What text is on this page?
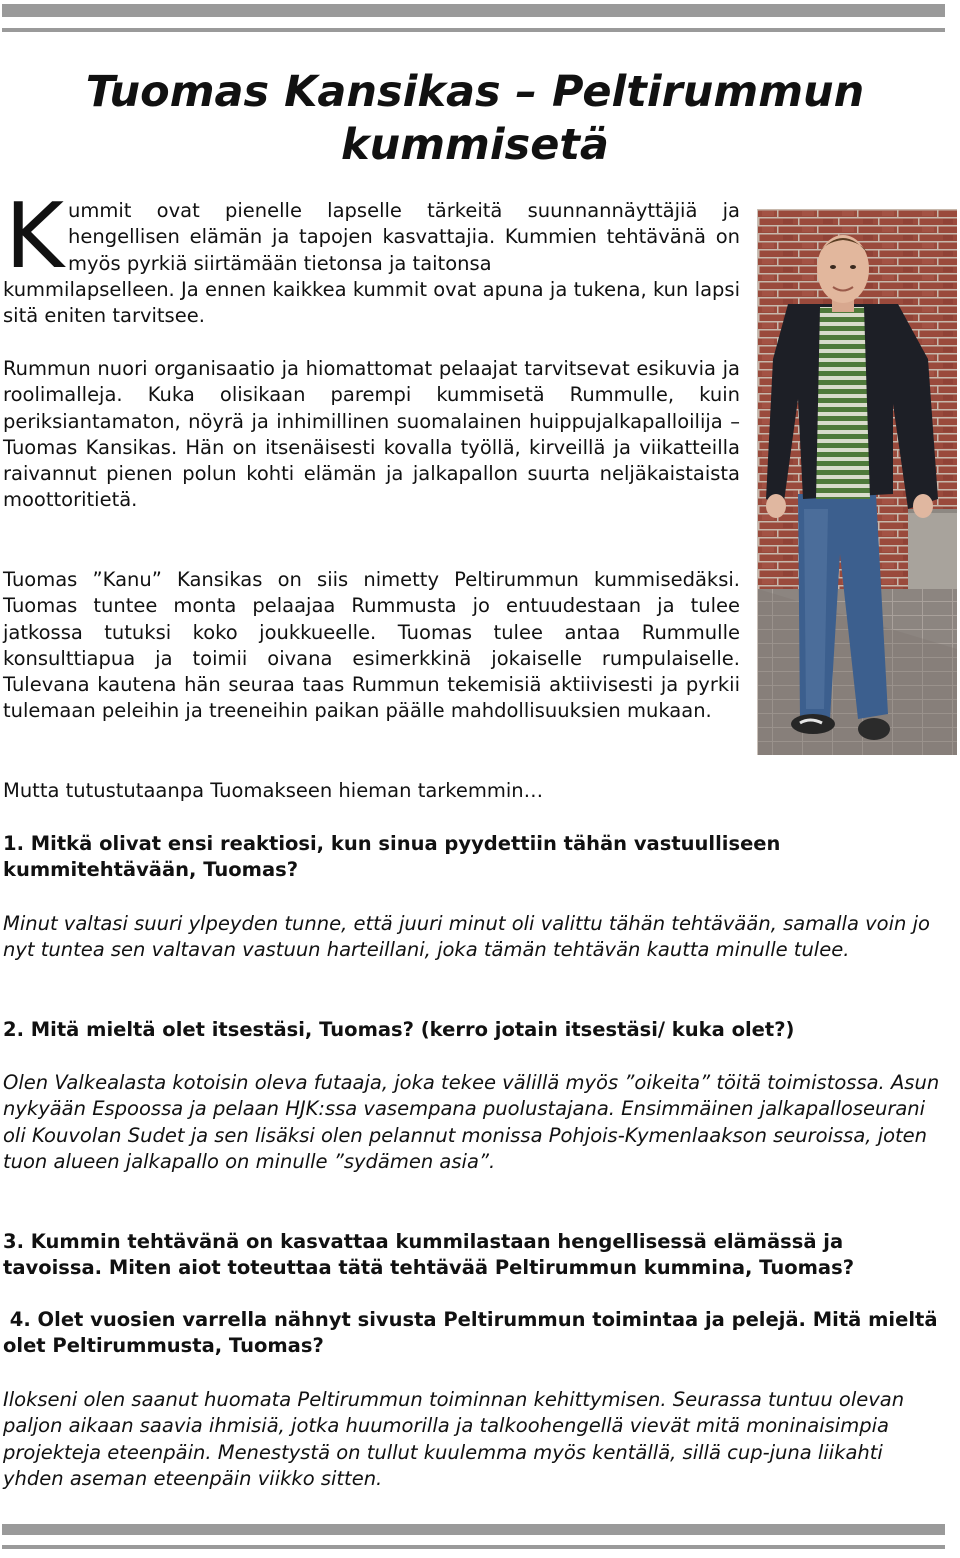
Tuomas Kansikas – Peltirummun kummisetä
K ummit ovat pienelle lapselle tärkeitä suunnannäyttäjiä ja hengellisen elämän ja tapojen kasvattajia. Kummien tehtävänä on myös pyrkiä siirtämään tietonsa ja taitonsa

kummilapselleen. Ja ennen kaikkea kummit ovat apuna ja tukena, kun lapsi sitä eniten tarvitsee.

Rummun nuori organisaatio ja hiomattomat pelaajat tarvitsevat esikuvia ja roolimalleja. Kuka olisikaan parempi kummisetä Rummulle, kuin periksiantamaton, nöyrä ja inhimillinen suomalainen huippujalkapalloilija – Tuomas Kansikas. Hän on itsenäisesti kovalla työllä, kirveillä ja viikatteilla raivannut pienen polun kohti elämän ja jalkapallon suurta neljäkaistaista moottoritietä.

Tuomas ”Kanu” Kansikas on siis nimetty Peltirummun kummisedäksi. Tuomas tuntee monta pelaajaa Rummusta jo entuudestaan ja tulee jatkossa tutuksi koko joukkueelle. Tuomas tulee antaa Rummulle konsulttiapua ja toimii oivana esimerkkinä jokaiselle rumpulaiselle. Tulevana kautena hän seuraa taas Rummun tekemisiä aktiivisesti ja pyrkii tulemaan peleihin ja treeneihin paikan päälle mahdollisuuksien mukaan.

Mutta tutustutaanpa Tuomakseen hieman tarkemmin…

1. Mitkä olivat ensi reaktiosi, kun sinua pyydettiin tähän vastuulliseen kummitehtävään, Tuomas?

Minut valtasi suuri ylpeyden tunne, että juuri minut oli valittu tähän tehtävään, samalla voin jo nyt tuntea sen valtavan vastuun harteillani, joka tämän tehtävän kautta minulle tulee.

2. Mitä mieltä olet itsestäsi, Tuomas? (kerro jotain itsestäsi/ kuka olet?)

Olen Valkealasta kotoisin oleva futaaja, joka tekee välillä myös ”oikeita” töitä toimistossa. Asun nykyään Espoossa ja pelaan HJK:ssa vasempana puolustajana. Ensimmäinen jalkapalloseurani oli Kouvolan Sudet ja sen lisäksi olen pelannut monissa Pohjois-Kymenlaakson seuroissa, joten tuon alueen jalkapallo on minulle ”sydämen asia”.

3. Kummin tehtävänä on kasvattaa kummilastaan hengellisessä elämässä ja tavoissa. Miten aiot toteuttaa tätä tehtävää Peltirummun kummina, Tuomas?

4. Olet vuosien varrella nähnyt sivusta Peltirummun toimintaa ja pelejä. Mitä mieltä olet Peltirummusta, Tuomas?

Ilokseni olen saanut huomata Peltirummun toiminnan kehittymisen. Seurassa tuntuu olevan paljon aikaan saavia ihmisiä, jotka huumorilla ja talkoohengellä vievät mitä moninaisimpia projekteja eteenpäin. Menestystä on tullut kuulemma myös kentällä, sillä cup-juna liikahti yhden aseman eteenpäin viikko sitten.
